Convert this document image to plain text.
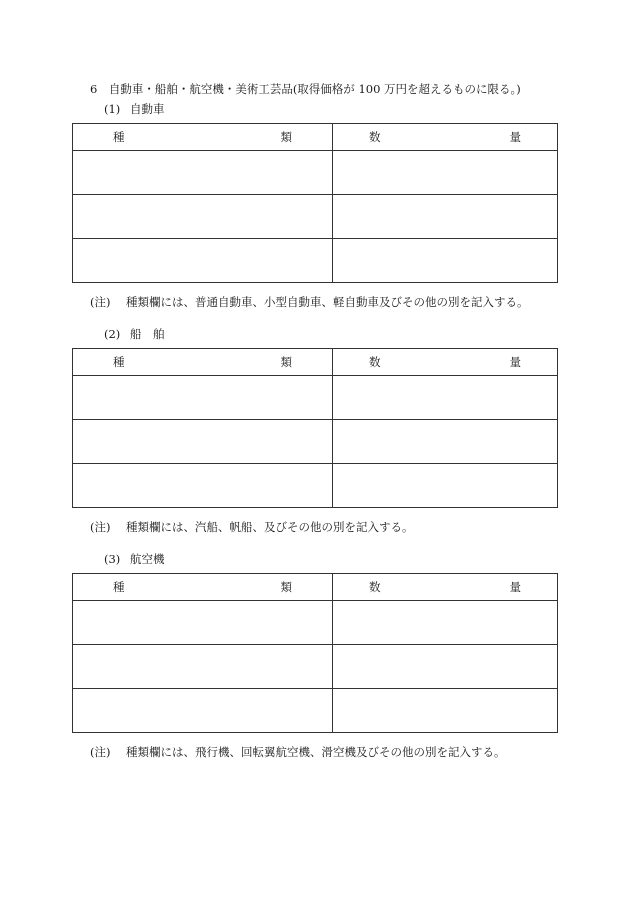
6　自動車・船舶・航空機・美術工芸品(取得価格が 100 万円を超えるものに限る。)
(1) 自動車
種 類	数 量

(注) 種類欄には、普通自動車、小型自動車、軽自動車及びその他の別を記入する。
(2) 船　舶
種 類	数 量

(注) 種類欄には、汽船、帆船、及びその他の別を記入する。
(3) 航空機
種 類	数 量

(注) 種類欄には、飛行機、回転翼航空機、滑空機及びその他の別を記入する。
